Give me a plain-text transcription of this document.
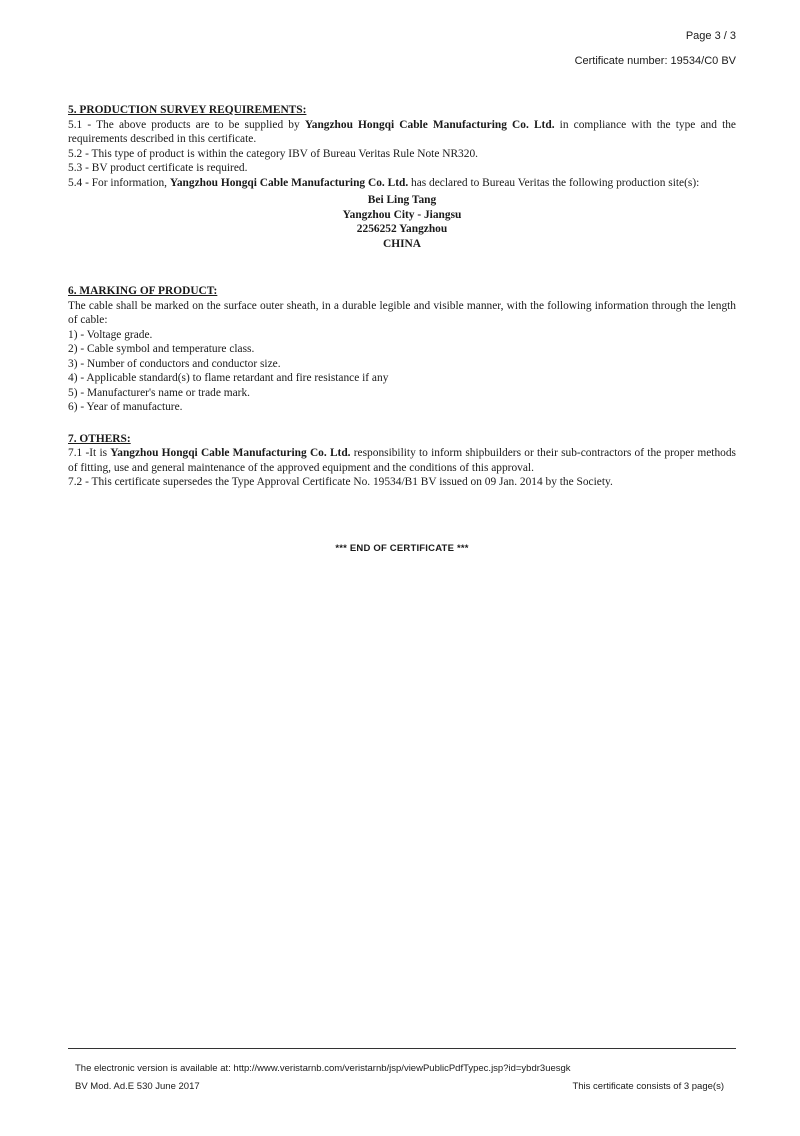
Page 3 / 3
Certificate number: 19534/C0 BV

5. PRODUCTION SURVEY REQUIREMENTS:

5.1 - The above products are to be supplied by Yangzhou Hongqi Cable Manufacturing Co. Ltd. in compliance with the type and the requirements described in this certificate.

5.2 - This type of product is within the category IBV of Bureau Veritas Rule Note NR320.

5.3 - BV product certificate is required.

5.4 - For information, Yangzhou Hongqi Cable Manufacturing Co. Ltd. has declared to Bureau Veritas the following production site(s):

Bei Ling Tang
Yangzhou City - Jiangsu
2256252 Yangzhou
CHINA

6. MARKING OF PRODUCT:

The cable shall be marked on the surface outer sheath, in a durable legible and visible manner, with the following information through the length of cable:

1) - Voltage grade.

2) - Cable symbol and temperature class.

3) - Number of conductors and conductor size.

4) - Applicable standard(s) to flame retardant and fire resistance if any

5) - Manufacturer's name or trade mark.

6) - Year of manufacture.

7. OTHERS:

7.1 -It is Yangzhou Hongqi Cable Manufacturing Co. Ltd. responsibility to inform shipbuilders or their sub-contractors of the proper methods of fitting, use and general maintenance of the approved equipment and the conditions of this approval.

7.2 - This certificate supersedes the Type Approval Certificate No. 19534/B1 BV issued on 09 Jan. 2014 by the Society.

*** END OF CERTIFICATE ***
The electronic version is available at: http://www.veristarnb.com/veristarnb/jsp/viewPublicPdfTypec.jsp?id=ybdr3uesgk
BV Mod. Ad.E 530 June 2017	This certificate consists of 3 page(s)
